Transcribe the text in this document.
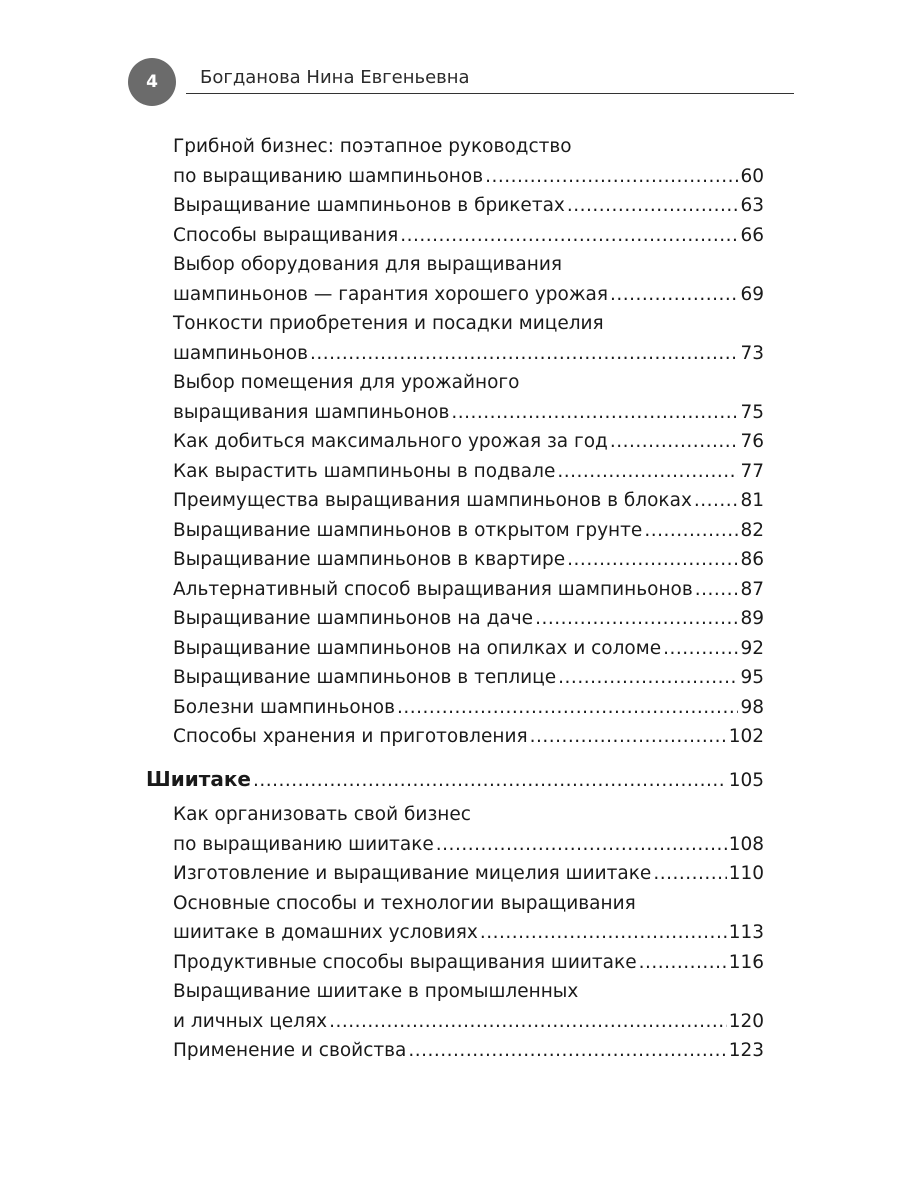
4	Богданова Нина Евгеньевна
Грибной бизнес: поэтапное руководство
по выращиванию шампиньонов .....	60
Выращивание шампиньонов в брикетах .....	63
Способы выращивания .....	66
Выбор оборудования для выращивания
шампиньонов — гарантия хорошего урожая .....	69
Тонкости приобретения и посадки мицелия
шампиньонов .....	73
Выбор помещения для урожайного
выращивания шампиньонов .....	75
Как добиться максимального урожая за год .....	76
Как вырастить шампиньоны в подвале .....	77
Преимущества выращивания шампиньонов в блоках .....	81
Выращивание шампиньонов в открытом грунте .....	82
Выращивание шампиньонов в квартире .....	86
Альтернативный способ выращивания шампиньонов .....	87
Выращивание шампиньонов на даче .....	89
Выращивание шампиньонов на опилках и соломе .....	92
Выращивание шампиньонов в теплице .....	95
Болезни шампиньонов .....	98
Способы хранения и приготовления .....	102
Шиитаке .....	105
Как организовать свой бизнес
по выращиванию шиитаке .....	108
Изготовление и выращивание мицелия шиитаке .....	110
Основные способы и технологии выращивания
шиитаке в домашних условиях .....	113
Продуктивные способы выращивания шиитаке .....	116
Выращивание шиитаке в промышленных
и личных целях .....	120
Применение и свойства .....	123
